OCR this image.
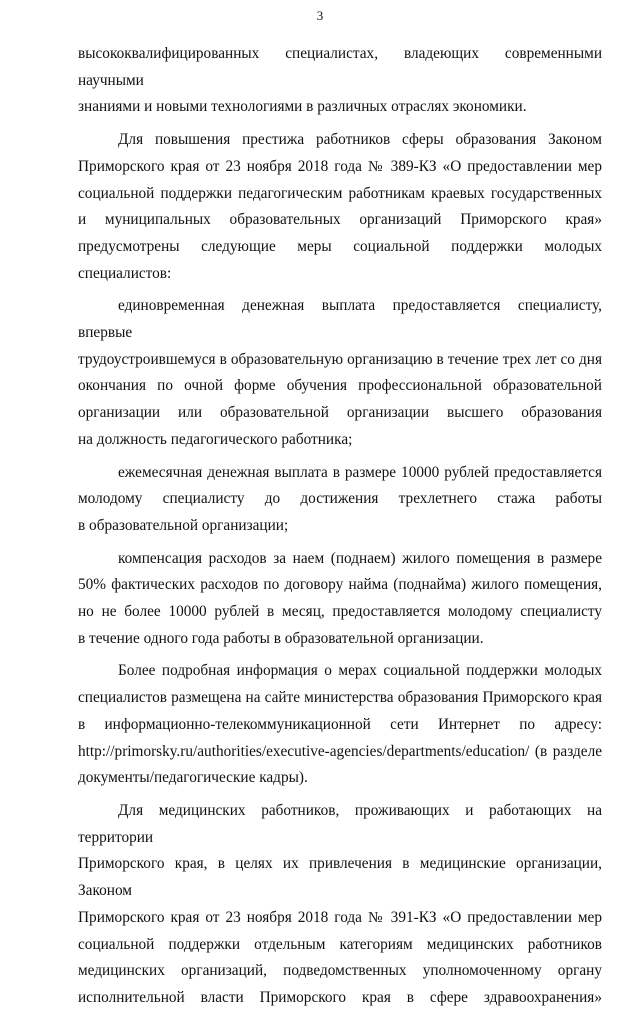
3

высококвалифицированных специалистах, владеющих современными научными

знаниями и новыми технологиями в различных отраслях экономики.

Для повышения престижа работников сферы образования Законом

Приморского края от 23 ноября 2018 года № 389-КЗ «О предоставлении мер

социальной поддержки педагогическим работникам краевых государственных

и муниципальных образовательных организаций Приморского края»

предусмотрены следующие меры социальной поддержки молодых

специалистов:

единовременная денежная выплата предоставляется специалисту, впервые

трудоустроившемуся в образовательную организацию в течение трех лет со дня

окончания по очной форме обучения профессиональной образовательной

организации или образовательной организации высшего образования

на должность педагогического работника;

ежемесячная денежная выплата в размере 10000 рублей предоставляется

молодому специалисту до достижения трехлетнего стажа работы

в образовательной организации;

компенсация расходов за наем (поднаем) жилого помещения в размере

50% фактических расходов по договору найма (поднайма) жилого помещения,

но не более 10000 рублей в месяц, предоставляется молодому специалисту

в течение одного года работы в образовательной организации.

Более подробная информация о мерах социальной поддержки молодых

специалистов размещена на сайте министерства образования Приморского края

в информационно-телекоммуникационной сети Интернет по адресу:

http://primorsky.ru/authorities/executive-agencies/departments/education/ (в разделе

документы/педагогические кадры).

Для медицинских работников, проживающих и работающих на территории

Приморского края, в целях их привлечения в медицинские организации, Законом

Приморского края от 23 ноября 2018 года № 391-КЗ «О предоставлении мер

социальной поддержки отдельным категориям медицинских работников

медицинских организаций, подведомственных уполномоченному органу

исполнительной власти Приморского края в сфере здравоохранения»
